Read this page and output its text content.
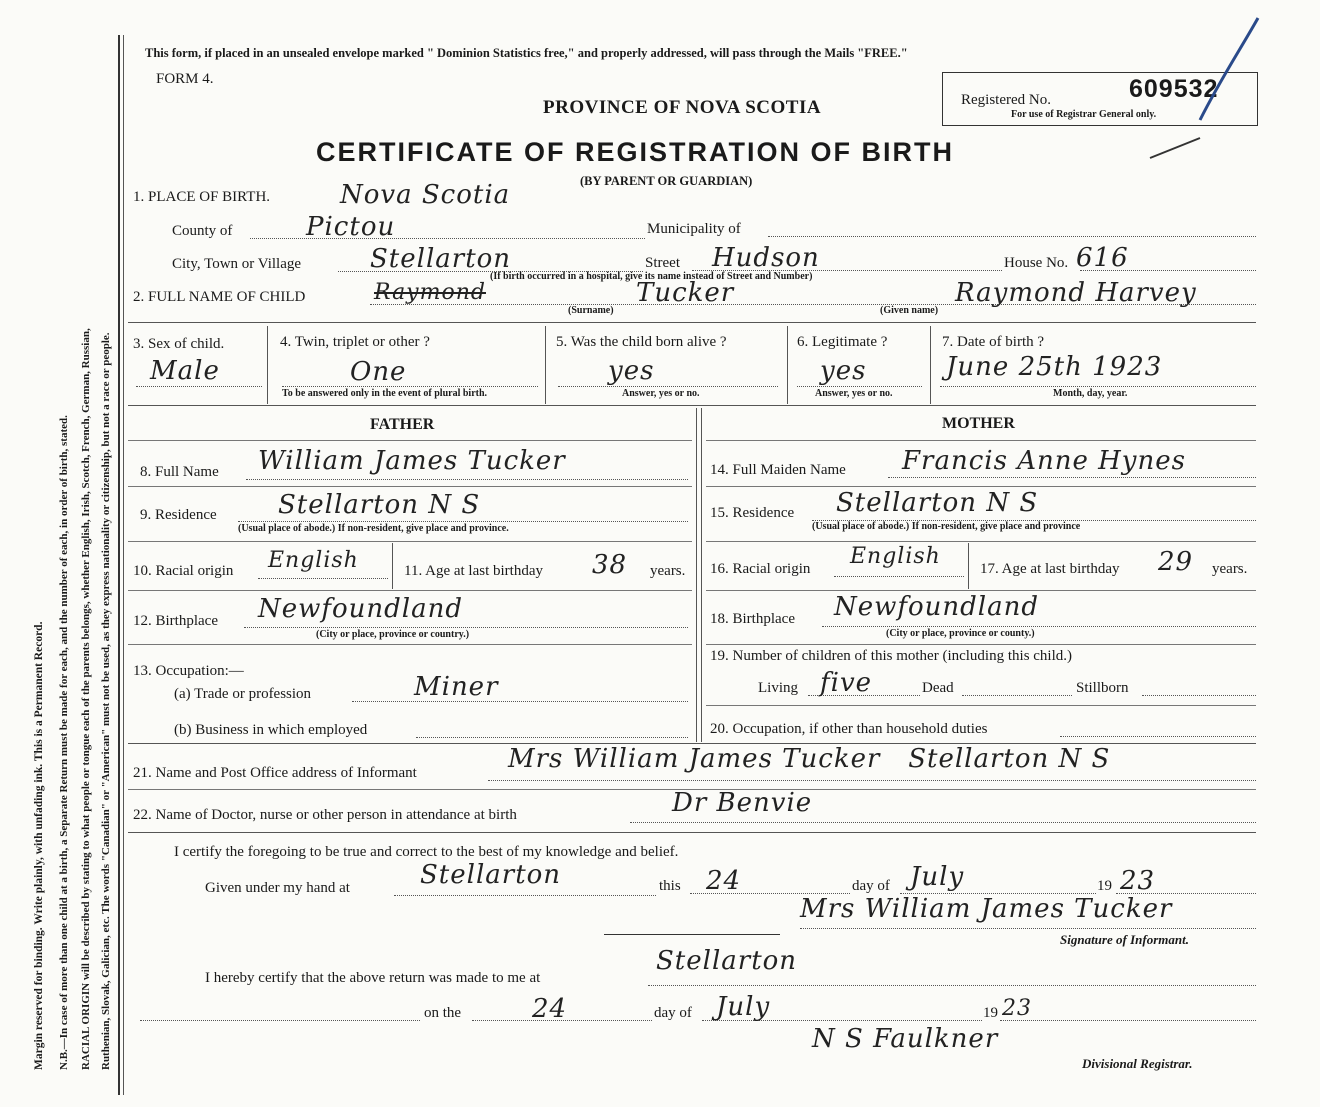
Margin reserved for binding. Write plainly, with unfading ink. This is a Permanent Record. N.B.—In case of more than one child at a birth, a Separate Return must be made for each, and the number of each, in order of birth, stated. RACIAL ORIGIN will be described by stating to what people or tongue each of the parents belongs, whether English, Irish, Scotch, French, German, Russian, Ruthenian, Slovak, Galician, etc. The words "Canadian" or "American" must not be used, as they express nationality or citizenship, but not a race or people.
This form, if placed in an unsealed envelope marked " Dominion Statistics free," and properly addressed, will pass through the Mails "FREE."
FORM 4.
PROVINCE OF NOVA SCOTIA	Registered No.	609532
For use of Registrar General only.
CERTIFICATE OF REGISTRATION OF BIRTH
(BY PARENT OR GUARDIAN)
1. PLACE OF BIRTH.	Nova Scotia
County of	Pictou	Municipality of
City, Town or Village	Stellarton	Street Hudson	House No. 616
(If birth occurred in a hospital, give its name instead of Street and Number)
2. FULL NAME OF CHILD	Raymond	Tucker
(Surname)
Raymond Harvey
(Given name)
3. Sex of child.
Male
4. Twin, triplet or other ?
One
To be answered only in the event of plural birth.
5. Was the child born alive ?
yes
Answer, yes or no.
6. Legitimate ?
yes
Answer, yes or no.
7. Date of birth ?
June 25th 1923
Month, day, year.
FATHER	MOTHER
8. Full Name William James Tucker
9. Residence Stellarton N S
(Usual place of abode.) If non-resident, give place and province.
10. Racial origin English	11. Age at last birthday 38 years.
12. Birthplace Newfoundland
(City or place, province or country.)
13. Occupation:—
(a) Trade or profession	Miner
(b) Business in which employed
14. Full Maiden Name Francis Anne Hynes
15. Residence Stellarton N S
(Usual place of abode.) If non-resident, give place and province
16. Racial origin English	17. Age at last birthday 29 years.
18. Birthplace Newfoundland
(City or place, province or county.)
19. Number of children of this mother (including this child.)
Living five	Dead	Stillborn
20. Occupation, if other than household duties
21. Name and Post Office address of Informant	Mrs William James Tucker   Stellarton N S
22. Name of Doctor, nurse or other person in attendance at birth	Dr Benvie
I certify the foregoing to be true and correct to the best of my knowledge and belief.
Given under my hand at	Stellarton	this 24	day of July	19 23
Mrs William James Tucker
Signature of Informant.
I hereby certify that the above return was made to me at
Stellarton
on the	24	day of July	19 23
N S Faulkner
Divisional Registrar.
